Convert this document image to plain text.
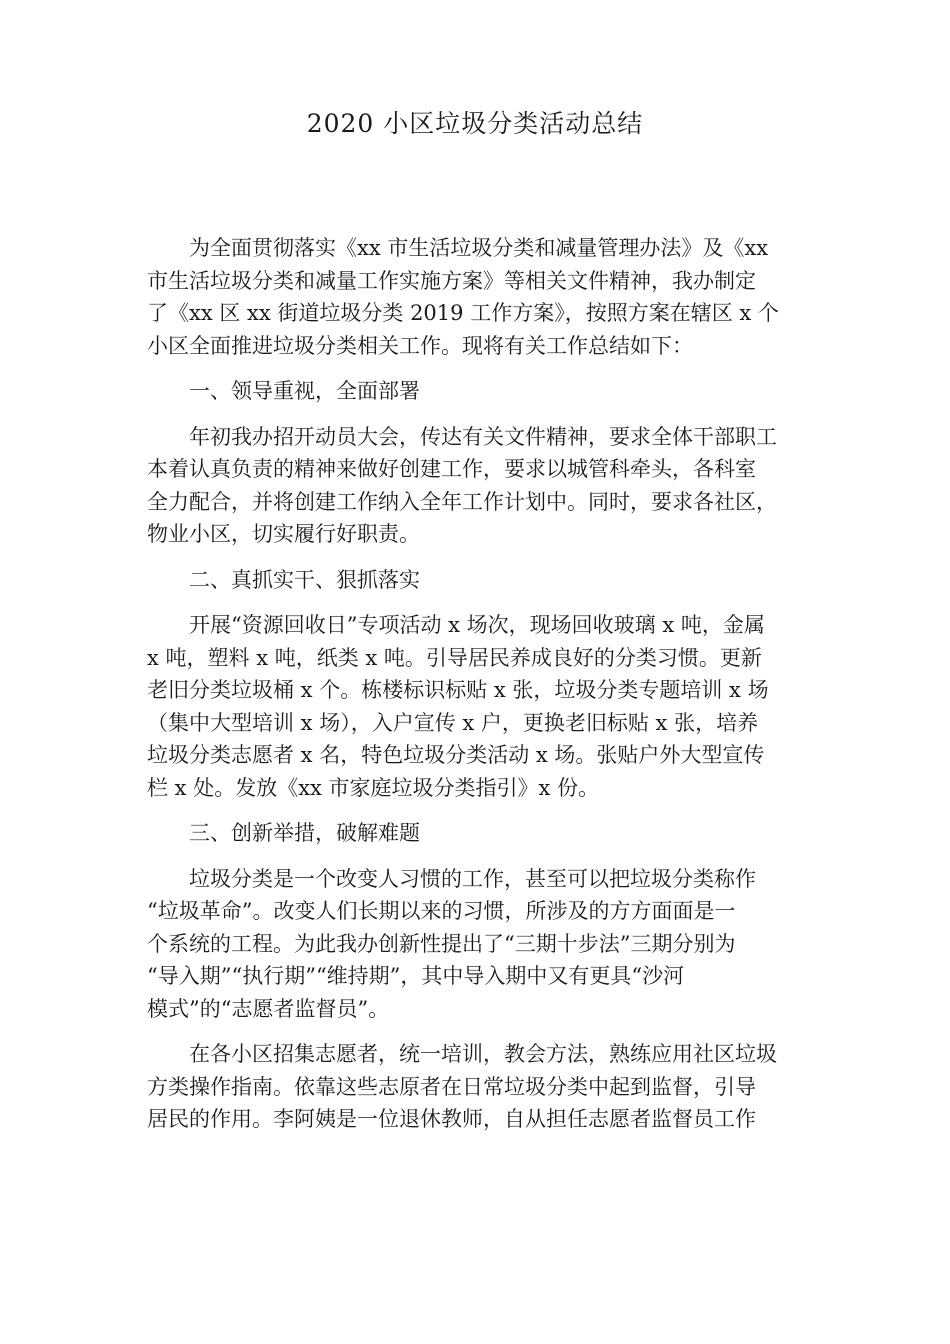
2020 小区垃圾分类活动总结
为全面贯彻落实《xx 市生活垃圾分类和减量管理办法》及《xx
市生活垃圾分类和减量工作实施方案》等相关文件精神，我办制定
了《xx 区 xx 街道垃圾分类 2019 工作方案》，按照方案在辖区 x 个
小区全面推进垃圾分类相关工作。现将有关工作总结如下：
一、领导重视，全面部署
年初我办招开动员大会，传达有关文件精神，要求全体干部职工
本着认真负责的精神来做好创建工作，要求以城管科牵头，各科室
全力配合，并将创建工作纳入全年工作计划中。同时，要求各社区，
物业小区，切实履行好职责。
二、真抓实干、狠抓落实
开展“资源回收日”专项活动 x 场次，现场回收玻璃 x 吨，金属
x 吨，塑料 x 吨，纸类 x 吨。引导居民养成良好的分类习惯。更新
老旧分类垃圾桶 x 个。栋楼标识标贴 x 张，垃圾分类专题培训 x 场
（集中大型培训 x 场），入户宣传 x 户，更换老旧标贴 x 张，培养
垃圾分类志愿者 x 名，特色垃圾分类活动 x 场。张贴户外大型宣传
栏 x 处。发放《xx 市家庭垃圾分类指引》x 份。
三、创新举措，破解难题
垃圾分类是一个改变人习惯的工作，甚至可以把垃圾分类称作
“垃圾革命”。改变人们长期以来的习惯，所涉及的方方面面是一
个系统的工程。为此我办创新性提出了“三期十步法”三期分别为
“导入期”“执行期”“维持期”，其中导入期中又有更具“沙河
模式”的“志愿者监督员”。
在各小区招集志愿者，统一培训，教会方法，熟练应用社区垃圾
方类操作指南。依靠这些志原者在日常垃圾分类中起到监督，引导
居民的作用。李阿姨是一位退休教师，自从担任志愿者监督员工作
